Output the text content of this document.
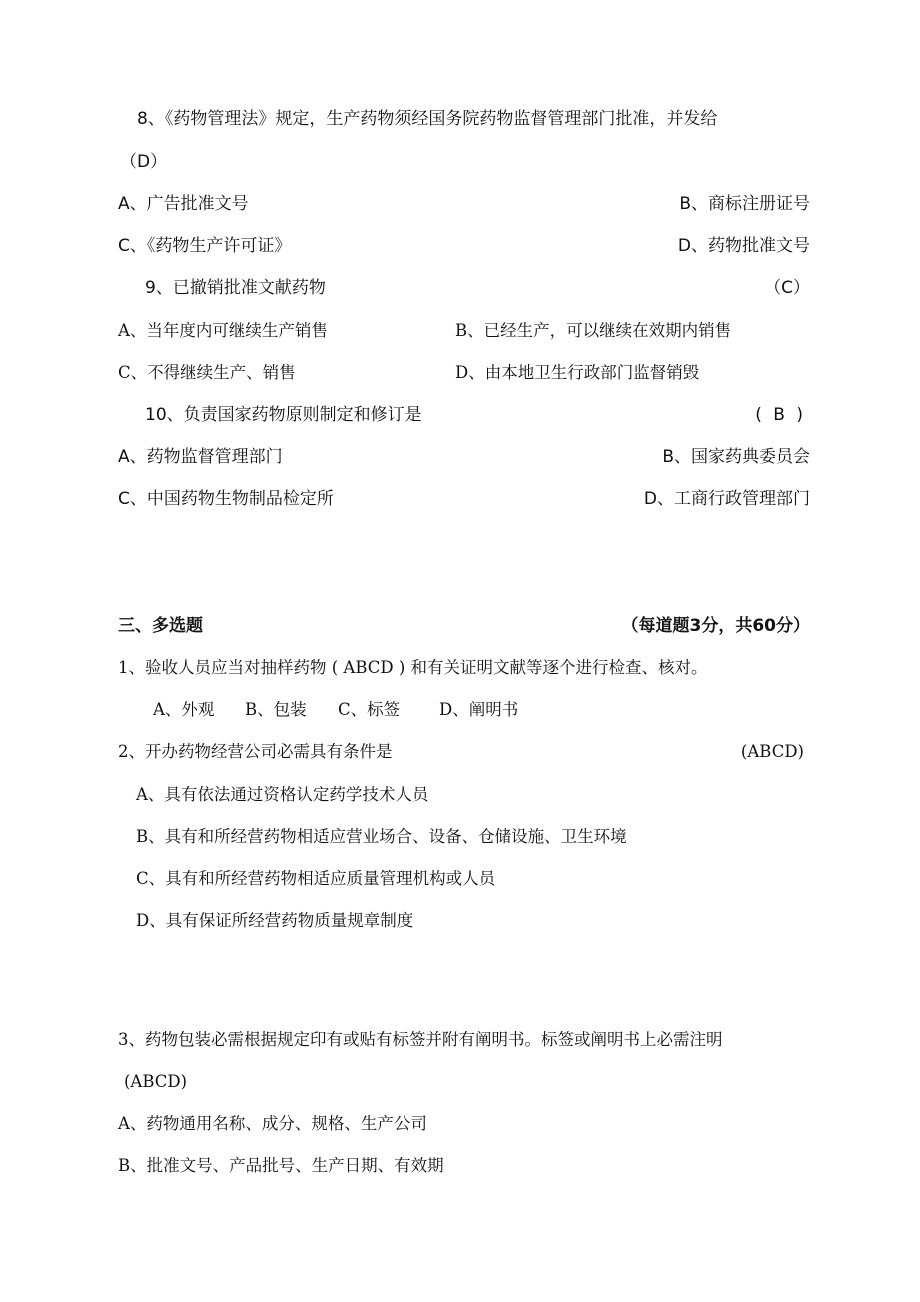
8、《药物管理法》规定，生产药物须经国务院药物监督管理部门批准，并发给
（D）
A、广告批准文号	B、商标注册证号
C、《药物生产许可证》	D、药物批准文号
9、已撤销批准文献药物	（C）
A、当年度内可继续生产销售	B、已经生产，可以继续在效期内销售
C、不得继续生产、销售	D、由本地卫生行政部门监督销毁
10、负责国家药物原则制定和修订是	( B )
A、药物监督管理部门	B、国家药典委员会
C、中国药物生物制品检定所	D、工商行政管理部门
三、多选题	（每道题3分，共60分）
1、验收人员应当对抽样药物 ( ABCD ) 和有关证明文献等逐个进行检查、核对。
A、外观 B、包装 C、标签 D、阐明书
2、开办药物经营公司必需具有条件是	(ABCD)
A、具有依法通过资格认定药学技术人员
B、具有和所经营药物相适应营业场合、设备、仓储设施、卫生环境
C、具有和所经营药物相适应质量管理机构或人员
D、具有保证所经营药物质量规章制度
3、药物包装必需根据规定印有或贴有标签并附有阐明书。标签或阐明书上必需注明
(ABCD)
A、药物通用名称、成分、规格、生产公司
B、批准文号、产品批号、生产日期、有效期
